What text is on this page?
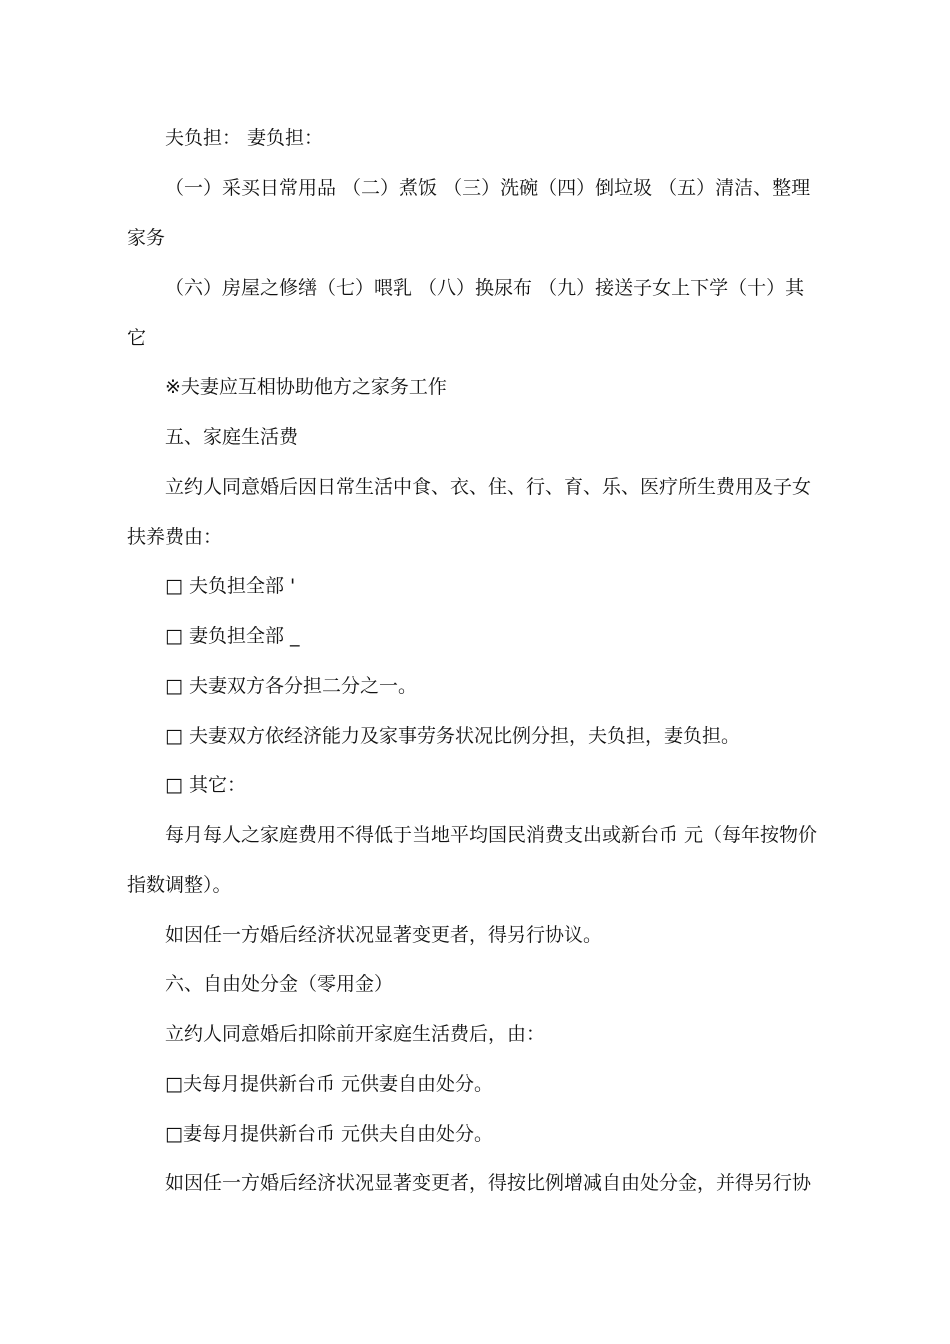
夫负担： 妻负担：
（一）采买日常用品 （二）煮饭 （三）洗碗（四）倒垃圾 （五）清洁、整理
家务
（六）房屋之修缮（七）喂乳 （八）换尿布 （九）接送子女上下学（十）其
它
※夫妻应互相协助他方之家务工作
五、家庭生活费
立约人同意婚后因日常生活中食、衣、住、行、育、乐、医疗所生费用及子女
扶养费由：
□ 夫负担全部 '
□ 妻负担全部 _
□ 夫妻双方各分担二分之一。
□ 夫妻双方依经济能力及家事劳务状况比例分担，夫负担，妻负担。
□ 其它：
每月每人之家庭费用不得低于当地平均国民消费支出或新台币 元（每年按物价
指数调整）。
如因任一方婚后经济状况显著变更者，得另行协议。
六、自由处分金（零用金）
立约人同意婚后扣除前开家庭生活费后，由：
□夫每月提供新台币 元供妻自由处分。
□妻每月提供新台币 元供夫自由处分。
如因任一方婚后经济状况显著变更者，得按比例增减自由处分金，并得另行协
